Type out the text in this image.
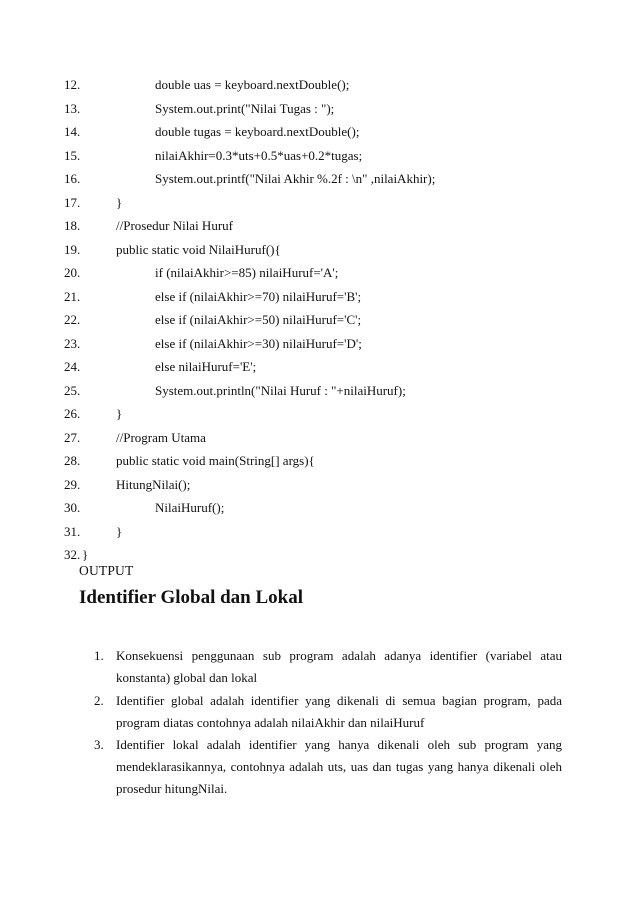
12.	double uas = keyboard.nextDouble();
13.	System.out.print("Nilai Tugas : ");
14.	double tugas = keyboard.nextDouble();
15.	nilaiAkhir=0.3*uts+0.5*uas+0.2*tugas;
16.	System.out.printf("Nilai Akhir %.2f : \n" ,nilaiAkhir);
17.	}
18.	//Prosedur Nilai Huruf
19.	public static void NilaiHuruf(){
20.	if (nilaiAkhir>=85) nilaiHuruf='A';
21.	else if (nilaiAkhir>=70) nilaiHuruf='B';
22.	else if (nilaiAkhir>=50) nilaiHuruf='C';
23.	else if (nilaiAkhir>=30) nilaiHuruf='D';
24.	else nilaiHuruf='E';
25.	System.out.println("Nilai Huruf : "+nilaiHuruf);
26.	}
27.	//Program Utama
28.	public static void main(String[] args){
29.	HitungNilai();
30.	NilaiHuruf();
31.	}
32. }
OUTPUT
Identifier Global dan Lokal
1. Konsekuensi penggunaan sub program adalah adanya identifier (variabel atau konstanta) global dan lokal
2. Identifier global adalah identifier yang dikenali di semua bagian program, pada program diatas contohnya adalah nilaiAkhir dan nilaiHuruf
3. Identifier lokal adalah identifier yang hanya dikenali oleh sub program yang mendeklarasikannya, contohnya adalah uts, uas dan tugas yang hanya dikenali oleh prosedur hitungNilai.
